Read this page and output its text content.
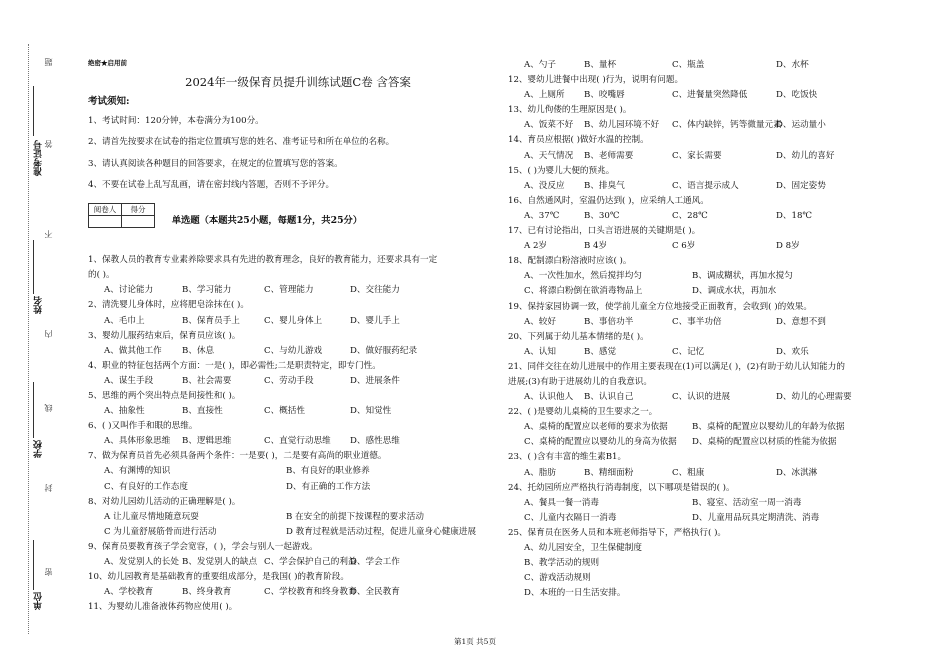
准考证号
姓名
学校
单位
题
答
不
内
线
封
密
绝密★启用前
2024年一级保育员提升训练试题C卷 含答案
考试须知:
1、考试时间：120分钟，本卷满分为100分。
2、请首先按要求在试卷的指定位置填写您的姓名、准考证号和所在单位的名称。
3、请认真阅读各种题目的回答要求，在规定的位置填写您的答案。
4、不要在试卷上乱写乱画，请在密封线内答题，否则不予评分。
阅卷人	得分

单选题（本题共25小题，每题1分，共25分）
1、保教人员的教育专业素养除要求具有先进的教育理念，良好的教育能力，还要求具有一定
的( )。
A、讨论能力	B、学习能力	C、管理能力	D、交往能力
2、清洗婴儿身体时，应将肥皂涂抹在( )。
A、毛巾上	B、保育员手上	C、婴儿身体上	D、婴儿手上
3、婴幼儿服药结束后，保育员应该( )。
A、做其他工作 B、休息	C、与幼儿游戏	D、做好服药纪录
4、职业的特征包括两个方面：一是( )，即必需性;二是职责特定，即专门性。
A、谋生手段	B、社会需要	C、劳动手段	D、进展条件
5、思维的两个突出特点是间接性和( )。
A、抽象性	B、直接性	C、概括性	D、知觉性
6、( )又叫作手和眼的思维。
A、具体形象思维 B、逻辑思维	C、直觉行动思维 D、感性思维
7、做为保育员首先必须具备两个条件：一是要( )，二是要有高尚的职业道德。
A、有渊博的知识	B、有良好的职业修养
C、有良好的工作态度	D、有正确的工作方法
8、对幼儿园幼儿活动的正确理解是( )。
A 让儿童尽情地随意玩耍	B 在安全的前提下按课程的要求活动
C 为儿童舒展筋骨而进行活动	D 教育过程就是活动过程，促进儿童身心健康进展
9、保育员要教育孩子学会宽容，( )，学会与别人一起游戏。
A、发觉别人的长处 B、发觉别人的缺点 C、学会保护自己的利益D、学会工作
10、幼儿园教育是基础教育的重要组成部分，是我国( )的教育阶段。
A、学校教育	B、终身教育	C、学校教育和终身教育D、全民教育
11、为婴幼儿准备液体药物应使用( )。
A、勺子	B、量杯	C、瓶盖	D、水杯
12、婴幼儿进餐中出现( )行为，说明有问题。
A、上厕所 B、咬嘴唇	C、进餐量突然降低	D、吃饭快
13、幼儿佝偻的生理原因是( )。
A、饭菜不好 B、幼儿园环境不好 C、体内缺锌，钙等微量元素D、运动量小
14、育员应根据( )做好水温的控制。
A、天气情况 B、老师需要	C、家长需要	D、幼儿的喜好
15、( )为婴儿大便的预兆。
A、没反应 B、排臭气	C、语言提示成人	D、固定姿势
16、自然通风时，室温仍达到( )，应采纳人工通风。
A、37℃	B、30℃	C、28℃	D、18℃
17、已有讨论指出，口头言语进展的关键期是( )。
A 2岁	B 4岁	C 6岁	D 8岁
18、配制漂白粉溶液时应该( )。
A、一次性加水，然后搅拌均匀	B、调成糊状，再加水搅匀
C、将漂白粉倒在欲消毒物品上	D、调成水状，再加水
19、保持家园协调一致，使学前儿童全方位地接受正面教育，会收到( )的效果。
A、较好	B、事倍功半	C、事半功倍	D、意想不到
20、下列属于幼儿基本情绪的是( )。
A、认知	B、感觉	C、记忆	D、欢乐
21、同伴交往在幼儿进展中的作用主要表现在(1)可以满足( )，(2)有助于幼儿认知能力的
进展;(3)有助于进展幼儿的自我意识。
A、认识他人 B、认识自己	C、认识的进展	D、幼儿的心理需要
22、( )是婴幼儿桌椅的卫生要求之一。
A、桌椅的配置应以老师的要求为依据	B、桌椅的配置应以婴幼儿的年龄为依据
C、桌椅的配置应以婴幼儿的身高为依据 D、桌椅的配置应以材质的性能为依据
23、( )含有丰富的维生素B1。
A、脂肪	B、精细面粉	C、粗康	D、冰淇淋
24、托幼园所应严格执行消毒制度，以下哪项是错误的( )。
A、餐具一餐一消毒	B、寝室、活动室一周一消毒
C、儿童内衣隔日一消毒	D、儿童用品玩具定期清洗、消毒
25、保育员在医务人员和本班老师指导下，严格执行( )。
A、幼儿园安全，卫生保健制度
B、教学活动的规则
C、游戏活动规则
D、本班的一日生活安排。
第1页 共5页
